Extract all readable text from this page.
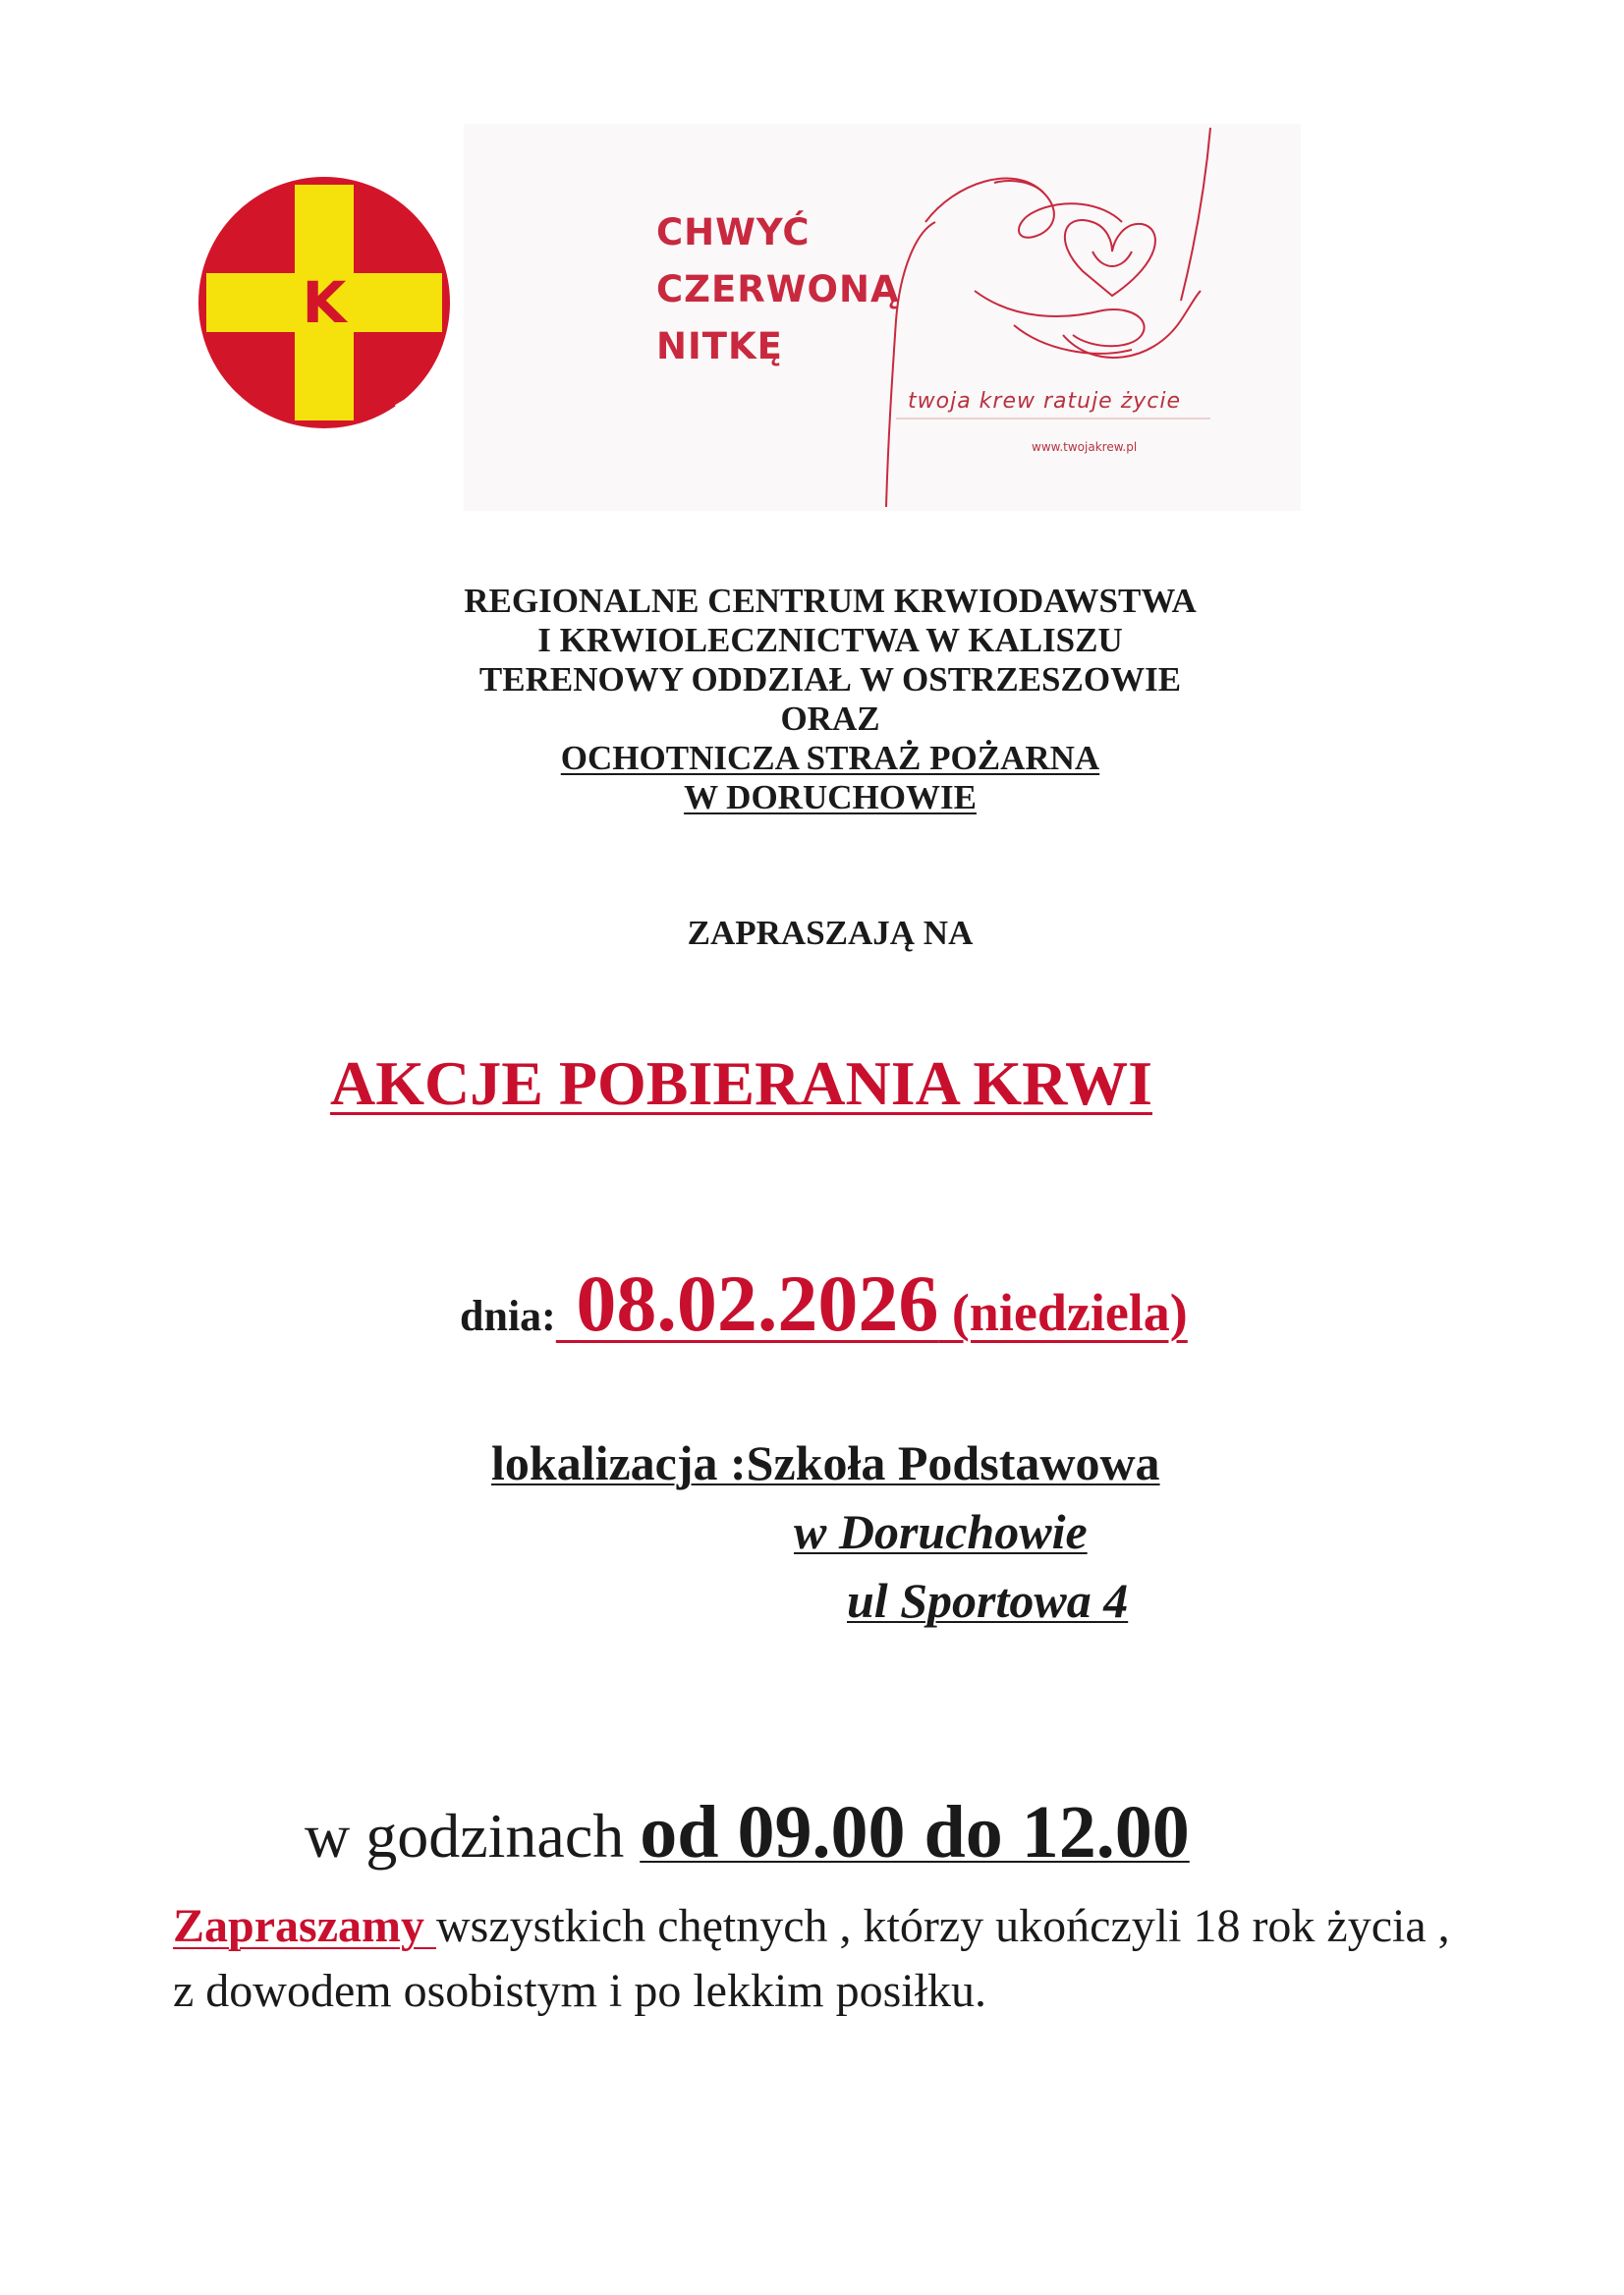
K
CHWYĆ
CZERWONĄ
NITKĘ
twoja krew ratuje życie
www.twojakrew.pl
REGIONALNE CENTRUM KRWIODAWSTWA
I KRWIOLECZNICTWA W KALISZU
TERENOWY ODDZIAŁ W OSTRZESZOWIE
ORAZ
OCHOTNICZA STRAŻ POŻARNA
W DORUCHOWIE
ZAPRASZAJĄ NA
AKCJE POBIERANIA KRWI
dnia: 08.02.2026 (niedziela)
lokalizacja :Szkoła Podstawowa
w Doruchowie
ul Sportowa 4
w godzinach od 09.00 do 12.00
Zapraszamy wszystkich chętnych , którzy ukończyli 18 rok życia , z dowodem osobistym i po lekkim posiłku.
